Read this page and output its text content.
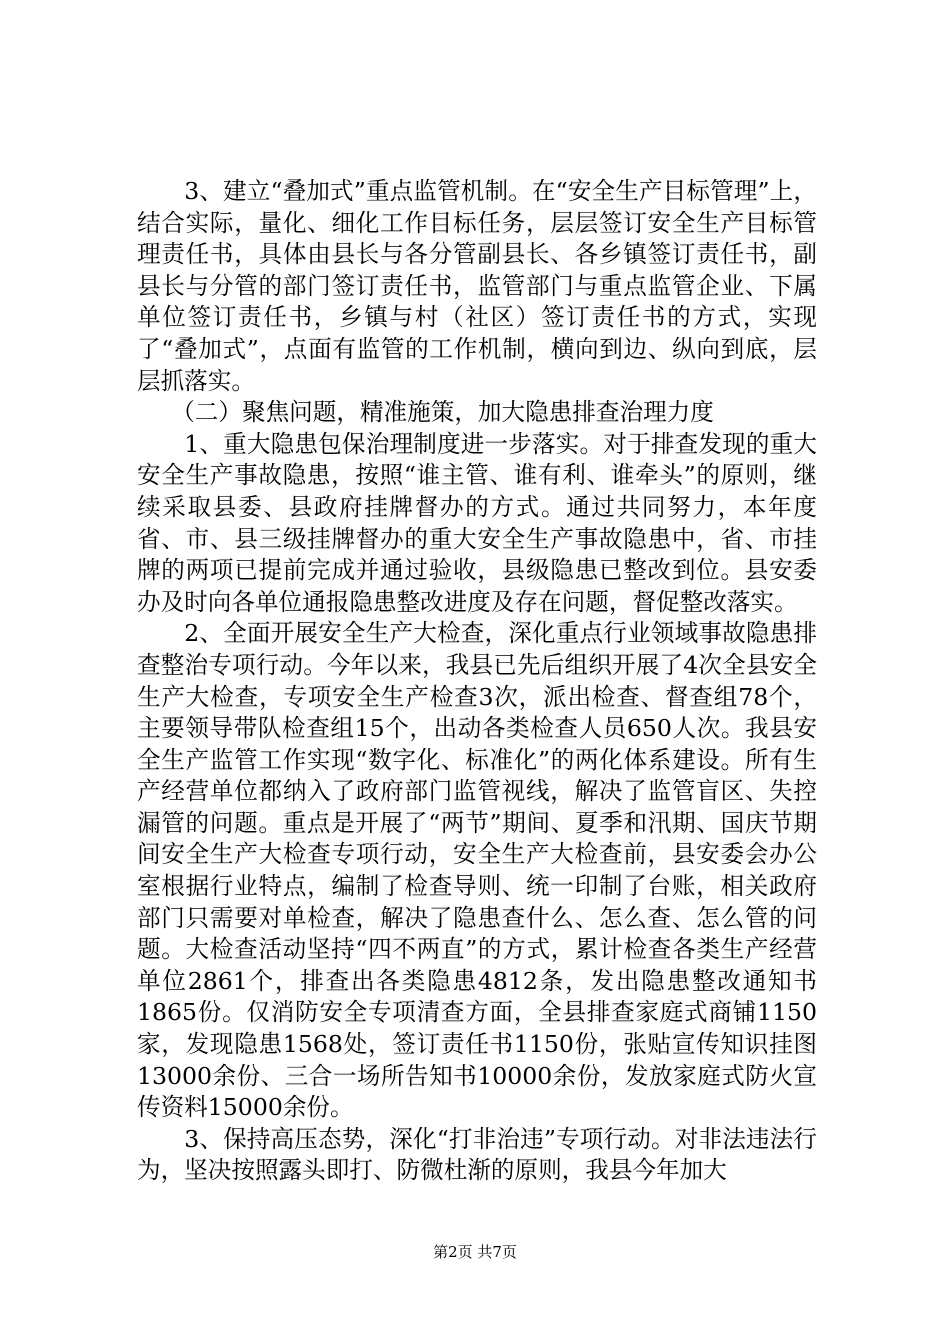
3、建立“叠加式”重点监管机制。在“安全生产目标管理”上，结合实际，量化、细化工作目标任务，层层签订安全生产目标管理责任书，具体由县长与各分管副县长、各乡镇签订责任书，副县长与分管的部门签订责任书，监管部门与重点监管企业、下属单位签订责任书，乡镇与村（社区）签订责任书的方式，实现了“叠加式”，点面有监管的工作机制，横向到边、纵向到底，层层抓落实。

（二）聚焦问题，精准施策，加大隐患排查治理力度

1、重大隐患包保治理制度进一步落实。对于排查发现的重大安全生产事故隐患，按照“谁主管、谁有利、谁牵头”的原则，继续采取县委、县政府挂牌督办的方式。通过共同努力，本年度省、市、县三级挂牌督办的重大安全生产事故隐患中，省、市挂牌的两项已提前完成并通过验收，县级隐患已整改到位。县安委办及时向各单位通报隐患整改进度及存在问题，督促整改落实。

2、全面开展安全生产大检查，深化重点行业领域事故隐患排查整治专项行动。今年以来，我县已先后组织开展了4次全县安全生产大检查，专项安全生产检查3次，派出检查、督查组78个，主要领导带队检查组15个，出动各类检查人员650人次。我县安全生产监管工作实现“数字化、标准化”的两化体系建设。所有生产经营单位都纳入了政府部门监管视线，解决了监管盲区、失控漏管的问题。重点是开展了“两节”期间、夏季和汛期、国庆节期间安全生产大检查专项行动，安全生产大检查前，县安委会办公室根据行业特点，编制了检查导则、统一印制了台账，相关政府部门只需要对单检查，解决了隐患查什么、怎么查、怎么管的问题。大检查活动坚持“四不两直”的方式，累计检查各类生产经营单位2861个，排查出各类隐患4812条，发出隐患整改通知书1865份。仅消防安全专项清查方面，全县排查家庭式商铺1150家，发现隐患1568处，签订责任书1150份，张贴宣传知识挂图13000余份、三合一场所告知书10000余份，发放家庭式防火宣传资料15000余份。

3、保持高压态势，深化“打非治违”专项行动。对非法违法行为，坚决按照露头即打、防微杜渐的原则，我县今年加大

第2页 共7页
